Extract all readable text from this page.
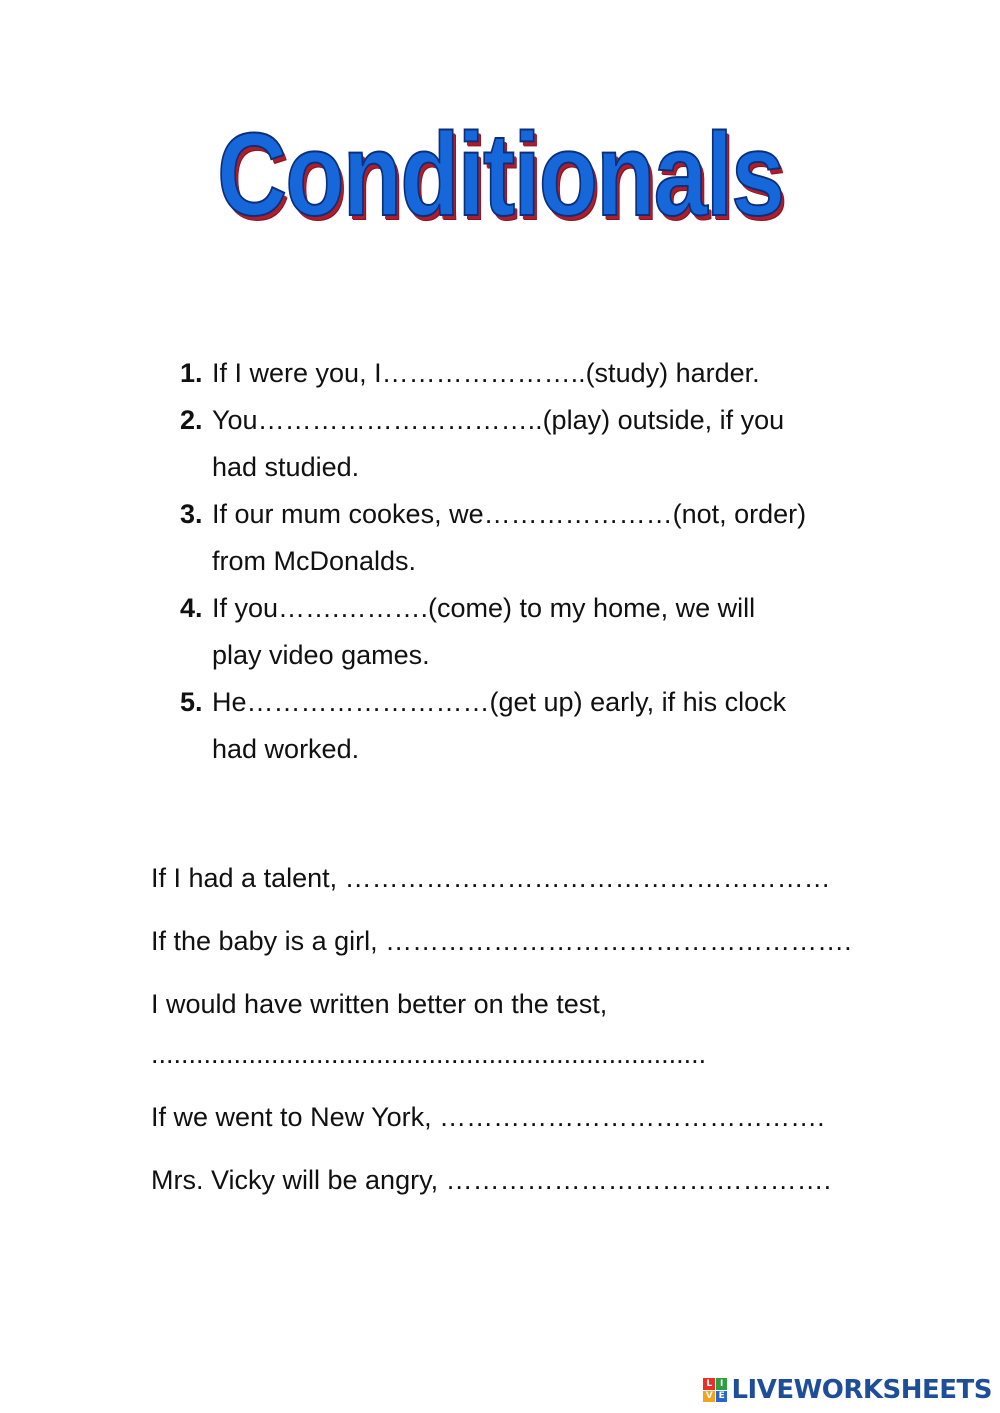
Conditionals
1. If I were you, I…………………..(study) harder.
2. You…………………………..(play) outside, if you
had studied.
3. If our mum cookes, we…………………(not, order)
from McDonalds.
4. If you…….……….(come) to my home, we will
play video games.
5. He………………………(get up) early, if his clock
had worked.
If I had a talent, ………………………………………………
If the baby is a girl, …………………………………………….
I would have written better on the test,
..........................................................................
If we went to New York, …………………………………….
Mrs. Vicky will be angry, …………………………………….
L I
V E LIVEWORKSHEETS
